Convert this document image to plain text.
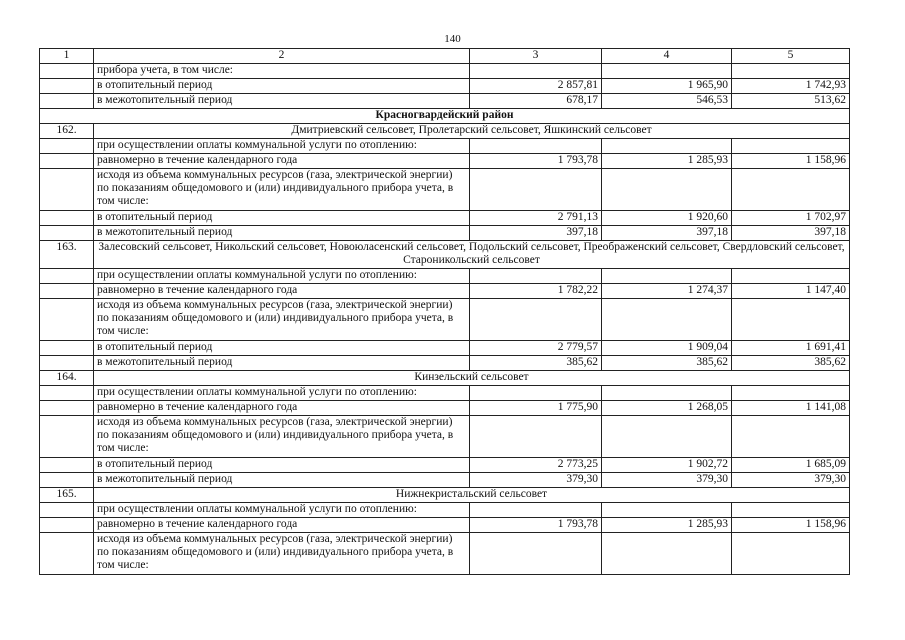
140
1	2	3	4	5
	прибора учета, в том числе:			
	в отопительный период	2 857,81	1 965,90	1 742,93
	в межотопительный период	678,17	546,53	513,62
Красногвардейский район				
162.	Дмитриевский сельсовет, Пролетарский сельсовет, Яшкинский сельсовет			
	при осуществлении оплаты коммунальной услуги по отоплению:			
	равномерно в течение календарного года	1 793,78	1 285,93	1 158,96
	исходя из объема коммунальных ресурсов (газа, электрической энергии) по показаниям общедомового и (или) индивидуального прибора учета, в том числе:			
	в отопительный период	2 791,13	1 920,60	1 702,97
	в межотопительный период	397,18	397,18	397,18
163.	Залесовский сельсовет, Никольский сельсовет, Новоюласенский сельсовет, Подольский сельсовет, Преображенский сельсовет, Свердловский сельсовет, Староникольский сельсовет			
	при осуществлении оплаты коммунальной услуги по отоплению:			
	равномерно в течение календарного года	1 782,22	1 274,37	1 147,40
	исходя из объема коммунальных ресурсов (газа, электрической энергии) по показаниям общедомового и (или) индивидуального прибора учета, в том числе:			
	в отопительный период	2 779,57	1 909,04	1 691,41
	в межотопительный период	385,62	385,62	385,62
164.	Кинзельский сельсовет			
	при осуществлении оплаты коммунальной услуги по отоплению:			
	равномерно в течение календарного года	1 775,90	1 268,05	1 141,08
	исходя из объема коммунальных ресурсов (газа, электрической энергии) по показаниям общедомового и (или) индивидуального прибора учета, в том числе:			
	в отопительный период	2 773,25	1 902,72	1 685,09
	в межотопительный период	379,30	379,30	379,30
165.	Нижнекристальский сельсовет			
	при осуществлении оплаты коммунальной услуги по отоплению:			
	равномерно в течение календарного года	1 793,78	1 285,93	1 158,96
	исходя из объема коммунальных ресурсов (газа, электрической энергии) по показаниям общедомового и (или) индивидуального прибора учета, в том числе:			
